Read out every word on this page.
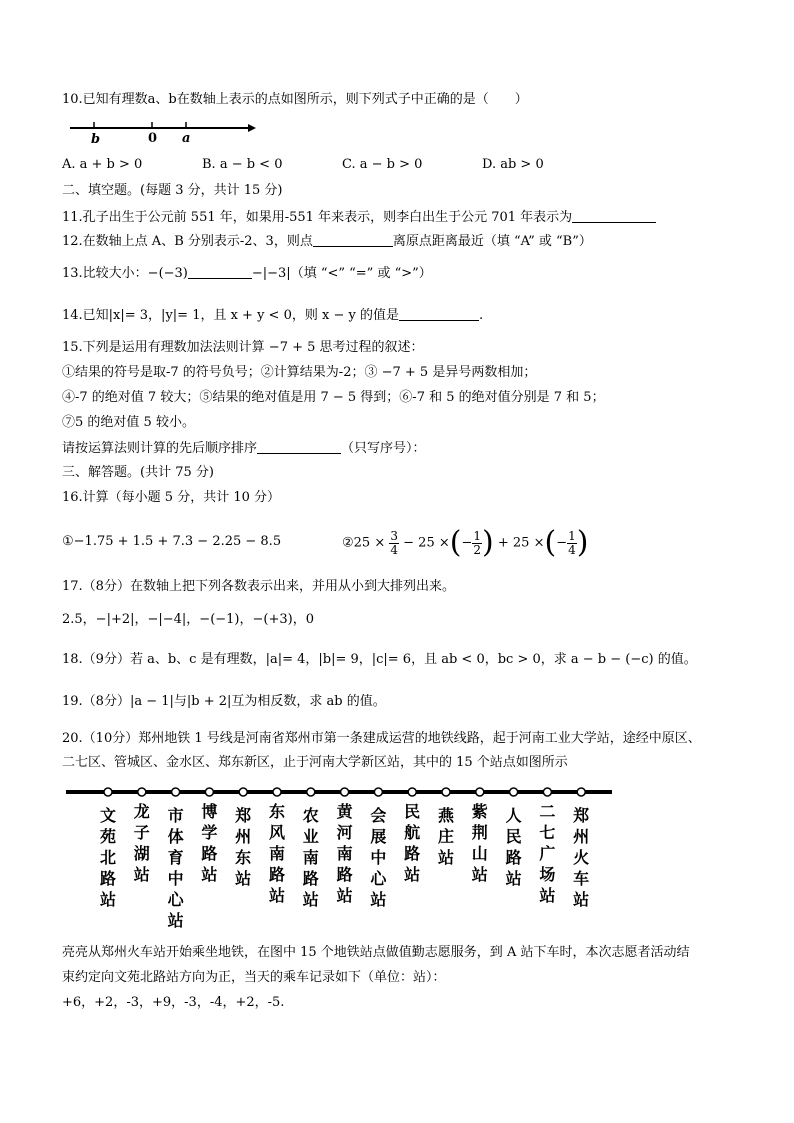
10.已知有理数a、b在数轴上表示的点如图所示，则下列式子中正确的是（　　）
b	0 a
A. a + b > 0	B. a − b < 0	C. a − b > 0	D. ab > 0
二、填空题。(每题 3 分，共计 15 分)
11.孔子出生于公元前 551 年，如果用-551 年来表示，则李白出生于公元 701 年表示为
12.在数轴上点 A、B 分别表示-2、3，则点	离原点距离最近（填 “A” 或 “B”）
13.比较大小：−(−3)	−|−3|（填 “<” “=” 或 “>”）
14.已知|x|= 3，|y|= 1，且 x + y < 0，则 x − y 的值是	.
15.下列是运用有理数加法法则计算 −7 + 5 思考过程的叙述：
①结果的符号是取-7 的符号负号；②计算结果为-2；③ −7 + 5 是异号两数相加；
④-7 的绝对值 7 较大；⑤结果的绝对值是用 7 − 5 得到；⑥-7 和 5 的绝对值分别是 7 和 5；
⑦5 的绝对值 5 较小。
请按运算法则计算的先后顺序排序	（只写序号）：
三、解答题。(共计 75 分)
16.计算（每小题 5 分，共计 10 分）
①−1.75 + 1.5 + 7.3 − 2.25 − 8.5	②25 × $\frac{3}{4} - 25$ ×(− $\frac{1}{2}$ ) + 25 ×(− $\frac{1}{4}$ )
17.（8分）在数轴上把下列各数表示出来，并用从小到大排列出来。
2.5，−|+2|，−|−4|，−(−1)，−(+3)，0
18.（9分）若 a、b、c 是有理数，|a|= 4，|b|= 9，|c|= 6，且 ab < 0，bc > 0，求 a − b − (−c) 的值。
19.（8分）|a − 1|与|b + 2|互为相反数，求 ab 的值。
20.（10分）郑州地铁 1 号线是河南省郑州市第一条建成运营的地铁线路，起于河南工业大学站，途经中原区、
二七区、管城区、金水区、郑东新区，止于河南大学新区站，其中的 15 个站点如图所示
文苑北路站
龙子湖站
市体育中心站
博学路站
郑州东站
东风南路站
农业南路站
黄河南路站
会展中心站
民航路站
燕庄站
紫荆山站
人民路站
二七广场站
郑州火车站
亮亮从郑州火车站开始乘坐地铁，在图中 15 个地铁站点做值勤志愿服务，到 A 站下车时，本次志愿者活动结
束约定向文苑北路站方向为正，当天的乘车记录如下（单位：站）：
+6，+2，-3，+9，-3，-4，+2，-5.
